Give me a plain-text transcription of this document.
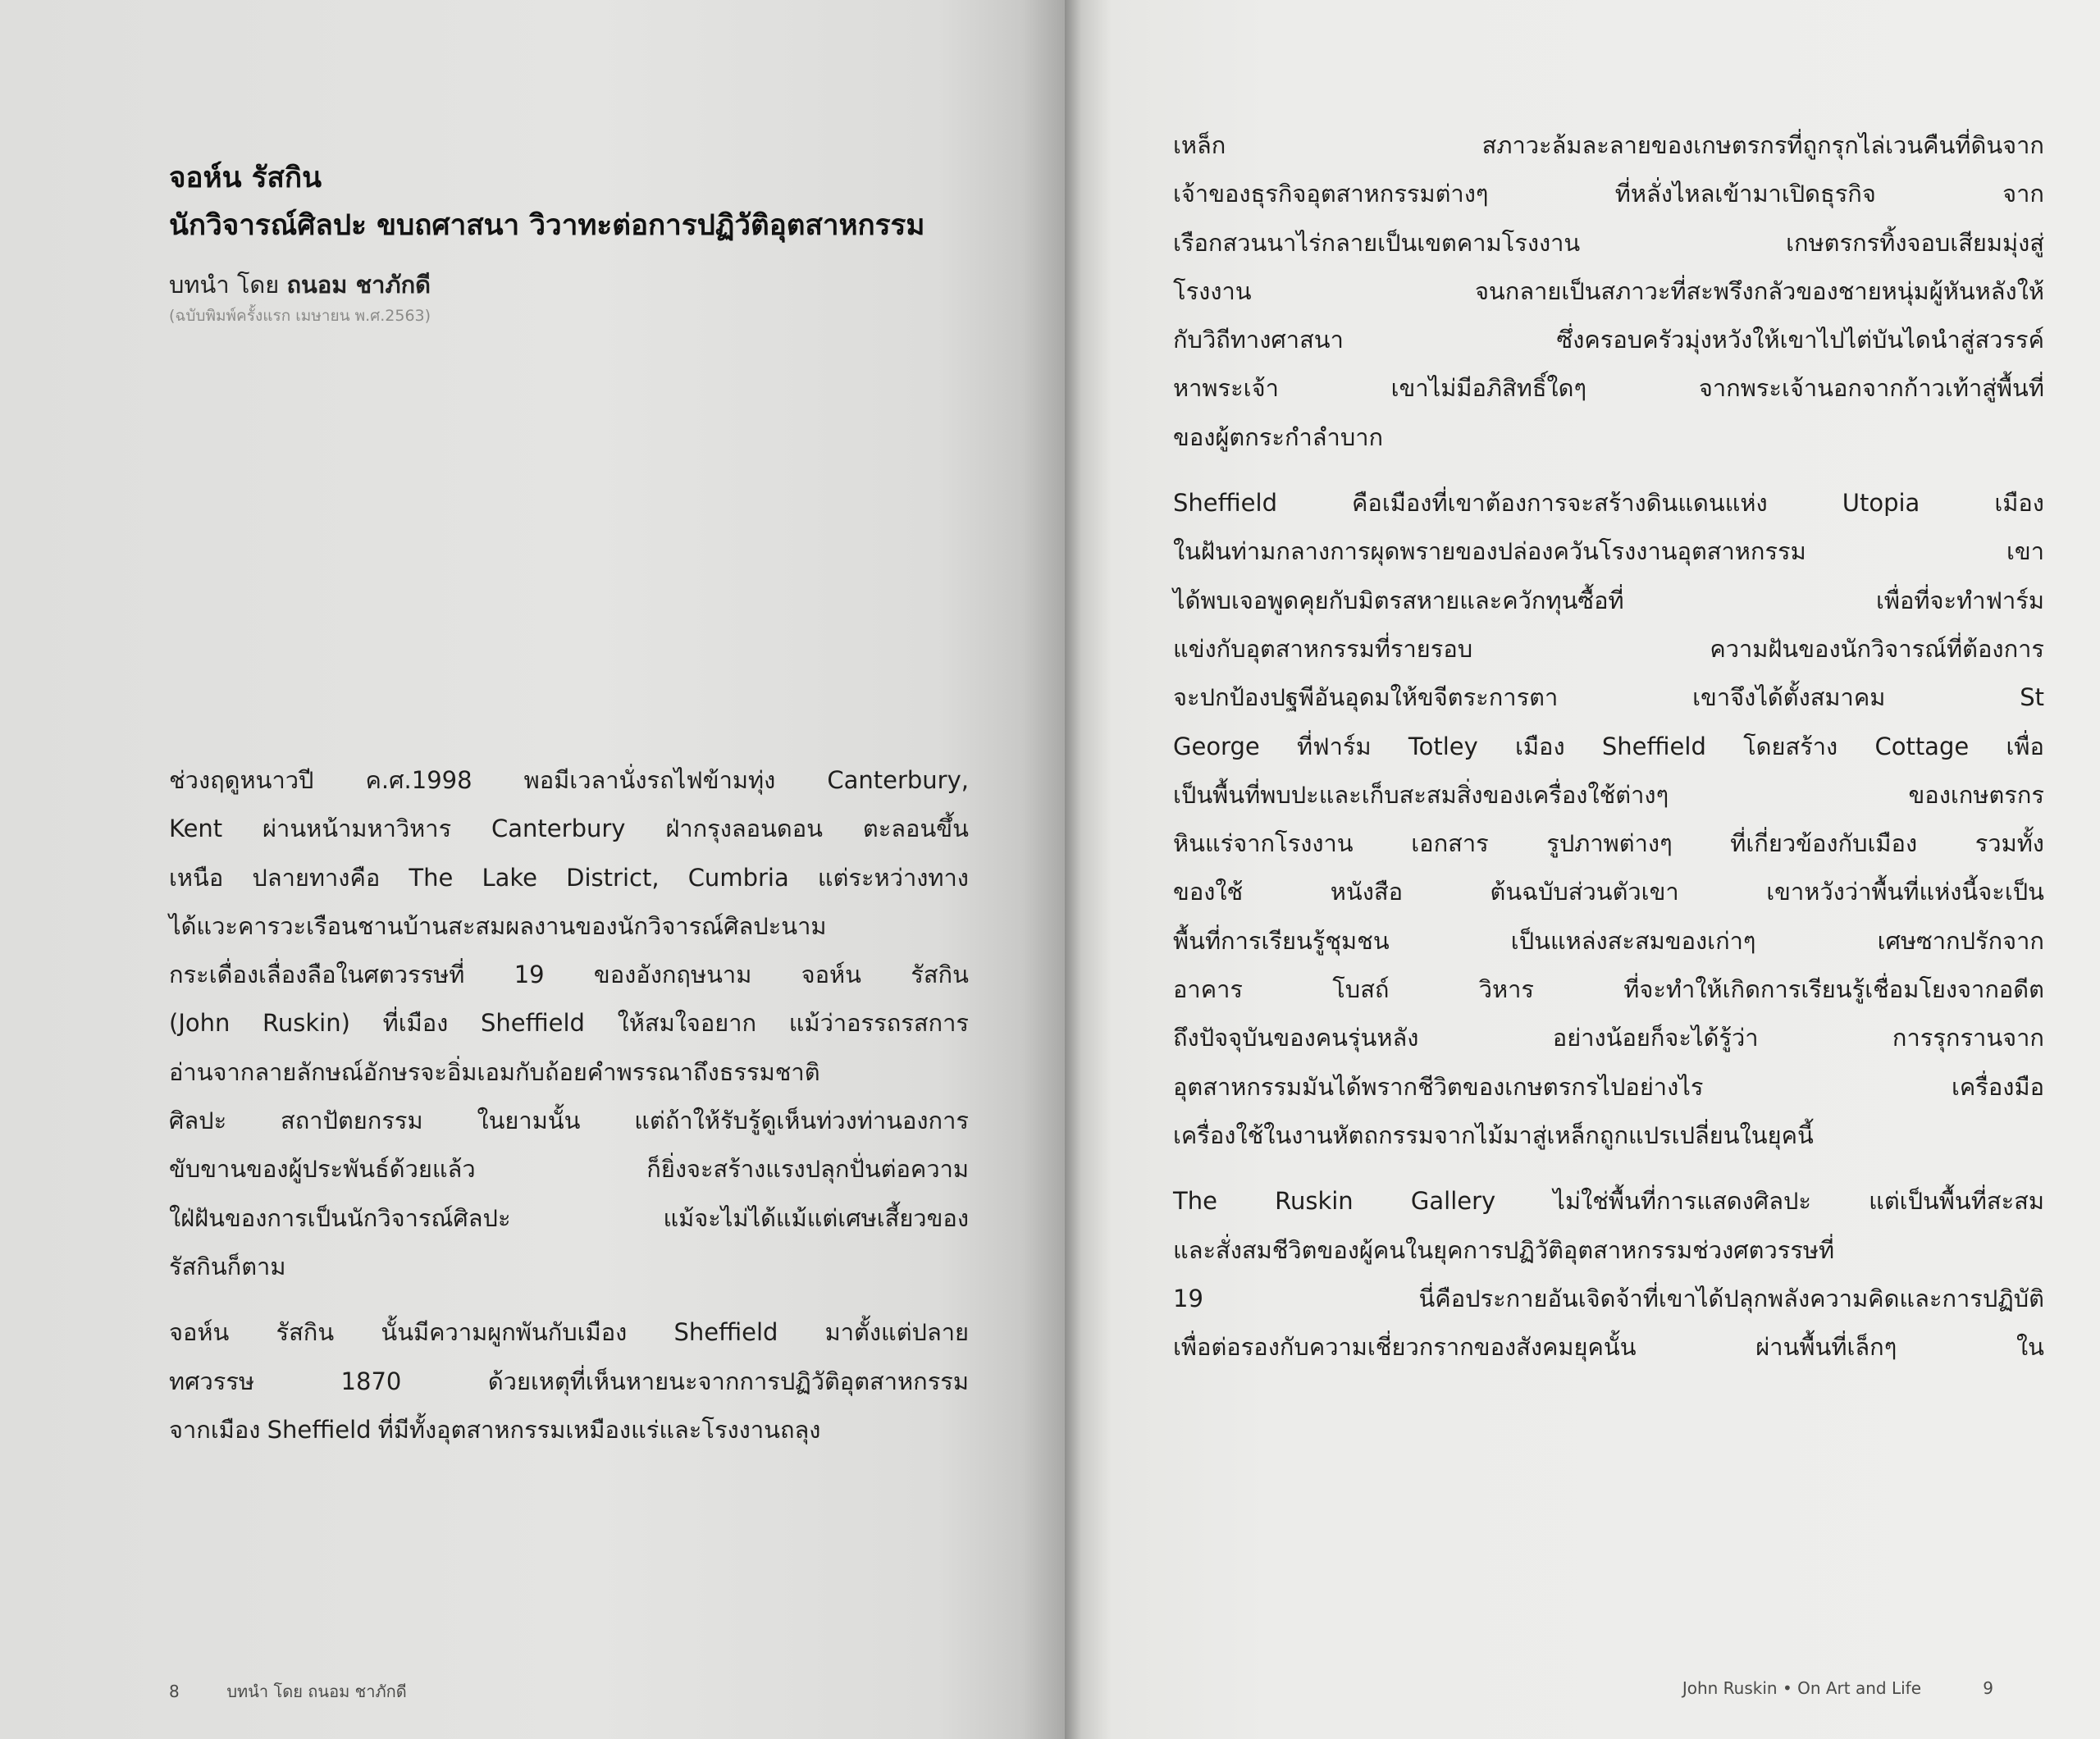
จอห์น รัสกิน
นักวิจารณ์ศิลปะ ขบถศาสนา วิวาทะต่อการปฏิวัติอุตสาหกรรม

บทนำ โดย ถนอม ชาภักดี

(ฉบับพิมพ์ครั้งแรก เมษายน พ.ศ.2563)

ช่วงฤดูหนาวปี ค.ศ.1998 พอมีเวลานั่งรถไฟข้ามทุ่ง Canterbury,
Kent ผ่านหน้ามหาวิหาร Canterbury ฝ่ากรุงลอนดอน ตะลอนขึ้น
เหนือ ปลายทางคือ The Lake District, Cumbria แต่ระหว่างทาง
ได้แวะคารวะเรือนชานบ้านสะสมผลงานของนักวิจารณ์ศิลปะนาม
กระเดื่องเลื่องลือในศตวรรษที่ 19 ของอังกฤษนาม จอห์น รัสกิน
(John Ruskin) ที่เมือง Sheffield ให้สมใจอยาก แม้ว่าอรรถรสการ
อ่านจากลายลักษณ์อักษรจะอิ่มเอมกับถ้อยคำพรรณาถึงธรรมชาติ
ศิลปะ สถาปัตยกรรม ในยามนั้น แต่ถ้าให้รับรู้ดูเห็นท่วงท่านองการ
ขับขานของผู้ประพันธ์ด้วยแล้ว	ก็ยิ่งจะสร้างแรงปลุกปั่นต่อความ
ใฝ่ฝันของการเป็นนักวิจารณ์ศิลปะ	แม้จะไม่ได้แม้แต่เศษเสี้ยวของ
รัสกินก็ตาม
จอห์น รัสกิน นั้นมีความผูกพันกับเมือง Sheffield มาตั้งแต่ปลาย
ทศวรรษ	1870	ด้วยเหตุที่เห็นหายนะจากการปฏิวัติอุตสาหกรรม
จากเมือง Sheffield ที่มีทั้งอุตสาหกรรมเหมืองแร่และโรงงานถลุง
8	บทนำ โดย ถนอม ชาภักดี
เหล็ก	สภาวะล้มละลายของเกษตรกรที่ถูกรุกไล่เวนคืนที่ดินจาก
เจ้าของธุรกิจอุตสาหกรรมต่างๆ	ที่หลั่งไหลเข้ามาเปิดธุรกิจ	จาก
เรือกสวนนาไร่กลายเป็นเขตคามโรงงาน	เกษตรกรทิ้งจอบเสียมมุ่งสู่
โรงงาน	จนกลายเป็นสภาวะที่สะพรึงกลัวของชายหนุ่มผู้หันหลังให้
กับวิถีทางศาสนา	ซึ่งครอบครัวมุ่งหวังให้เขาไปไต่บันไดนำสู่สวรรค์
หาพระเจ้า	เขาไม่มีอภิสิทธิ์ใดๆ	จากพระเจ้านอกจากก้าวเท้าสู่พื้นที่
ของผู้ตกระกำลำบาก
Sheffield	คือเมืองที่เขาต้องการจะสร้างดินแดนแห่ง	Utopia	เมือง
ในฝันท่ามกลางการผุดพรายของปล่องควันโรงงานอุตสาหกรรม	เขา
ได้พบเจอพูดคุยกับมิตรสหายและควักทุนซื้อที่	เพื่อที่จะทำฟาร์ม
แข่งกับอุตสาหกรรมที่รายรอบ	ความฝันของนักวิจารณ์ที่ต้องการ
จะปกป้องปฐพีอันอุดมให้ขจีตระการตา	เขาจึงได้ตั้งสมาคม	St
George ที่ฟาร์ม Totley เมือง Sheffield โดยสร้าง Cottage เพื่อ
เป็นพื้นที่พบปะและเก็บสะสมสิ่งของเครื่องใช้ต่างๆ	ของเกษตรกร
หินแร่จากโรงงาน เอกสาร รูปภาพต่างๆ ที่เกี่ยวข้องกับเมือง รวมทั้ง
ของใช้	หนังสือ	ต้นฉบับส่วนตัวเขา	เขาหวังว่าพื้นที่แห่งนี้จะเป็น
พื้นที่การเรียนรู้ชุมชน	เป็นแหล่งสะสมของเก่าๆ	เศษซากปรักจาก
อาคาร	โบสถ์	วิหาร	ที่จะทำให้เกิดการเรียนรู้เชื่อมโยงจากอดีต
ถึงปัจจุบันของคนรุ่นหลัง	อย่างน้อยก็จะได้รู้ว่า	การรุกรานจาก
อุตสาหกรรมมันได้พรากชีวิตของเกษตรกรไปอย่างไร	เครื่องมือ
เครื่องใช้ในงานหัตถกรรมจากไม้มาสู่เหล็กถูกแปรเปลี่ยนในยุคนี้
The Ruskin Gallery ไม่ใช่พื้นที่การแสดงศิลปะ แต่เป็นพื้นที่สะสม
และสั่งสมชีวิตของผู้คนในยุคการปฏิวัติอุตสาหกรรมช่วงศตวรรษที่
19	นี่คือประกายอันเจิดจ้าที่เขาได้ปลุกพลังความคิดและการปฏิบัติ
เพื่อต่อรองกับความเชี่ยวกรากของสังคมยุคนั้น	ผ่านพื้นที่เล็กๆ	ใน
John Ruskin • On Art and Life	9
